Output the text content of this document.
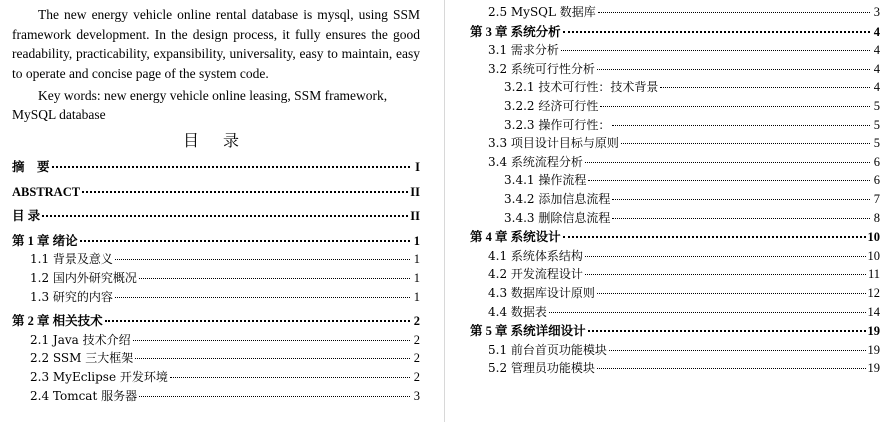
The new energy vehicle online rental database is mysql, using SSM framework development. In the design process, it fully ensures the good readability, practicability, expansibility, universality, easy to maintain, easy to operate and concise page of the system code.

Key words: new energy vehicle online leasing, SSM framework, MySQL database

目 录
摘　要	I
ABSTRACT	II
目 录	II
第 1 章 绪论	1
1.1 背景及意义	1
1.2 国内外研究概况	1
1.3 研究的内容	1
第 2 章 相关技术	2
2.1 Java 技术介绍	2
2.2 SSM 三大框架	2
2.3 MyEclipse 开发环境	2
2.4 Tomcat 服务器	3
2.5 MySQL 数据库	3
第 3 章 系统分析	4
3.1 需求分析	4
3.2 系统可行性分析	4
3.2.1 技术可行性：技术背景	4
3.2.2 经济可行性	5
3.2.3 操作可行性：	5
3.3 项目设计目标与原则	5
3.4 系统流程分析	6
3.4.1 操作流程	6
3.4.2 添加信息流程	7
3.4.3 删除信息流程	8
第 4 章 系统设计	10
4.1 系统体系结构	10
4.2 开发流程设计	11
4.3 数据库设计原则	12
4.4 数据表	14
第 5 章 系统详细设计	19
5.1 前台首页功能模块	19
5.2 管理员功能模块	19
